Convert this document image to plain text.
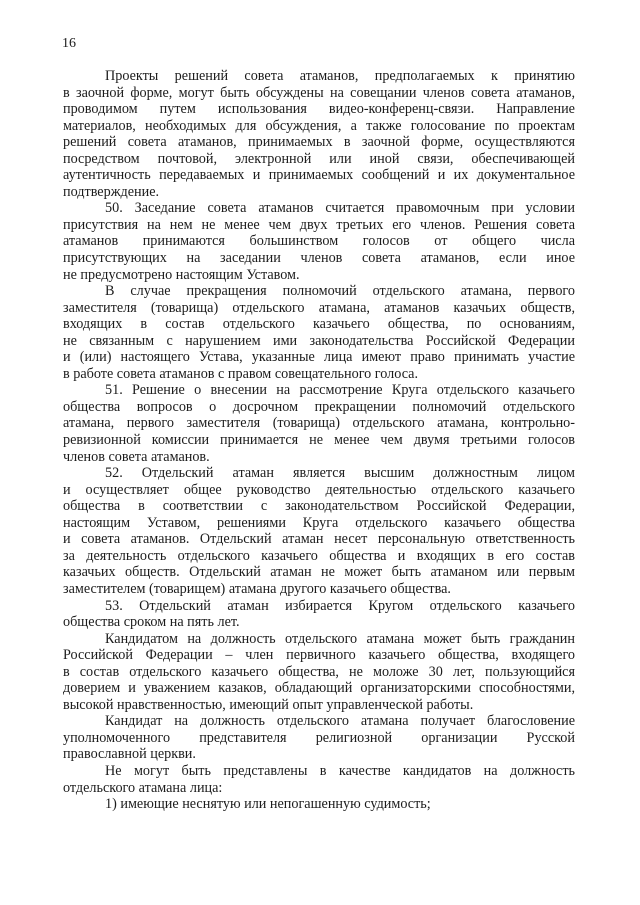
16
Проекты решений совета атаманов, предполагаемых к принятию
в заочной форме, могут быть обсуждены на совещании членов совета атаманов,
проводимом путем использования видео-конференц-связи. Направление
материалов, необходимых для обсуждения, а также голосование по проектам
решений совета атаманов, принимаемых в заочной форме, осуществляются
посредством почтовой, электронной или иной связи, обеспечивающей
аутентичность передаваемых и принимаемых сообщений и их документальное
подтверждение.
50. Заседание совета атаманов считается правомочным при условии
присутствия на нем не менее чем двух третьих его членов. Решения совета
атаманов принимаются большинством голосов от общего числа
присутствующих на заседании членов совета атаманов, если иное
не предусмотрено настоящим Уставом.
В случае прекращения полномочий отдельского атамана, первого
заместителя (товарища) отдельского атамана, атаманов казачьих обществ,
входящих в состав отдельского казачьего общества, по основаниям,
не связанным с нарушением ими законодательства Российской Федерации
и (или) настоящего Устава, указанные лица имеют право принимать участие
в работе совета атаманов с правом совещательного голоса.
51. Решение о внесении на рассмотрение Круга отдельского казачьего
общества вопросов о досрочном прекращении полномочий отдельского
атамана, первого заместителя (товарища) отдельского атамана, контрольно-
ревизионной комиссии принимается не менее чем двумя третьими голосов
членов совета атаманов.
52. Отдельский атаман является высшим должностным лицом
и осуществляет общее руководство деятельностью отдельского казачьего
общества в соответствии с законодательством Российской Федерации,
настоящим Уставом, решениями Круга отдельского казачьего общества
и совета атаманов. Отдельский атаман несет персональную ответственность
за деятельность отдельского казачьего общества и входящих в его состав
казачьих обществ. Отдельский атаман не может быть атаманом или первым
заместителем (товарищем) атамана другого казачьего общества.
53. Отдельский атаман избирается Кругом отдельского казачьего
общества сроком на пять лет.
Кандидатом на должность отдельского атамана может быть гражданин
Российской Федерации – член первичного казачьего общества, входящего
в состав отдельского казачьего общества, не моложе 30 лет, пользующийся
доверием и уважением казаков, обладающий организаторскими способностями,
высокой нравственностью, имеющий опыт управленческой работы.
Кандидат на должность отдельского атамана получает благословение
уполномоченного представителя религиозной организации Русской
православной церкви.
Не могут быть представлены в качестве кандидатов на должность
отдельского атамана лица:
1) имеющие неснятую или непогашенную судимость;
